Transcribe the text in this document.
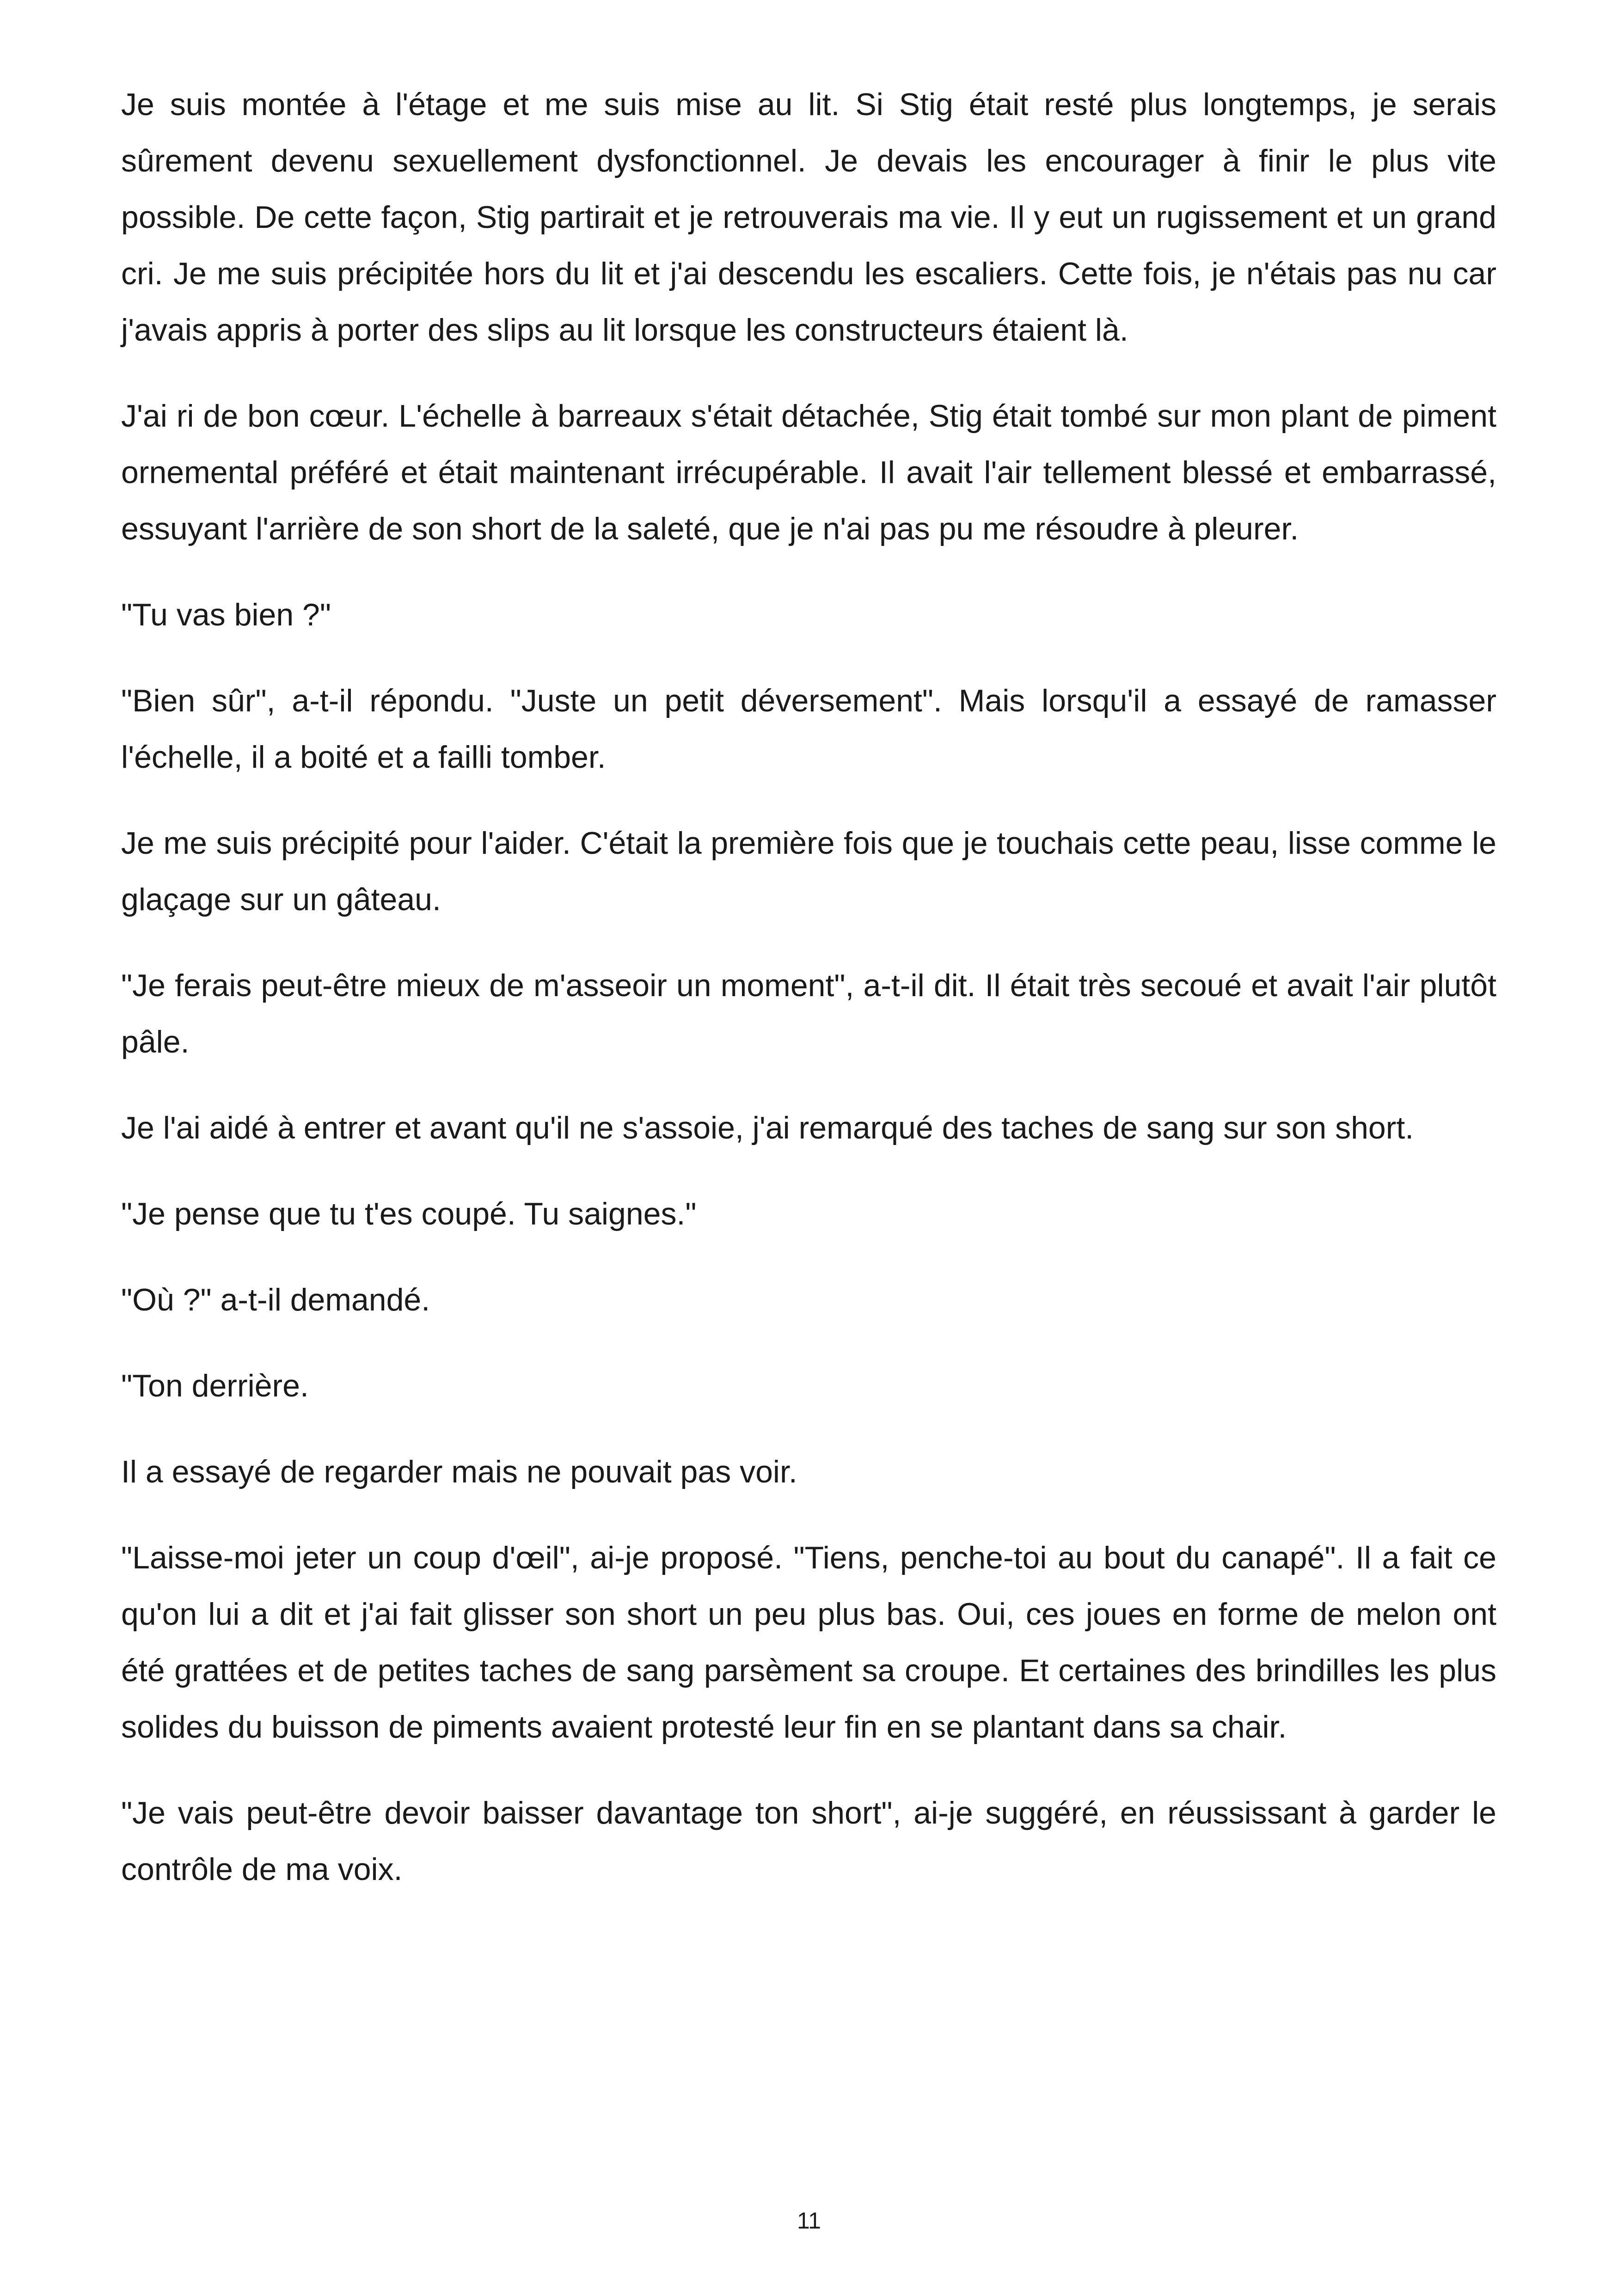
Je suis montée à l'étage et me suis mise au lit. Si Stig était resté plus longtemps, je serais sûrement devenu sexuellement dysfonctionnel. Je devais les encourager à finir le plus vite possible. De cette façon, Stig partirait et je retrouverais ma vie. Il y eut un rugissement et un grand cri. Je me suis précipitée hors du lit et j'ai descendu les escaliers. Cette fois, je n'étais pas nu car j'avais appris à porter des slips au lit lorsque les constructeurs étaient là.

J'ai ri de bon cœur. L'échelle à barreaux s'était détachée, Stig était tombé sur mon plant de piment ornemental préféré et était maintenant irrécupérable. Il avait l'air tellement blessé et embarrassé, essuyant l'arrière de son short de la saleté, que je n'ai pas pu me résoudre à pleurer.

"Tu vas bien ?"

"Bien sûr", a-t-il répondu. "Juste un petit déversement". Mais lorsqu'il a essayé de ramasser l'échelle, il a boité et a failli tomber.

Je me suis précipité pour l'aider. C'était la première fois que je touchais cette peau, lisse comme le glaçage sur un gâteau.

"Je ferais peut-être mieux de m'asseoir un moment", a-t-il dit. Il était très secoué et avait l'air plutôt pâle.

Je l'ai aidé à entrer et avant qu'il ne s'assoie, j'ai remarqué des taches de sang sur son short.

"Je pense que tu t'es coupé. Tu saignes."

"Où ?" a-t-il demandé.

"Ton derrière.

Il a essayé de regarder mais ne pouvait pas voir.

"Laisse-moi jeter un coup d'œil", ai-je proposé. "Tiens, penche-toi au bout du canapé". Il a fait ce qu'on lui a dit et j'ai fait glisser son short un peu plus bas. Oui, ces joues en forme de melon ont été grattées et de petites taches de sang parsèment sa croupe. Et certaines des brindilles les plus solides du buisson de piments avaient protesté leur fin en se plantant dans sa chair.

"Je vais peut-être devoir baisser davantage ton short", ai-je suggéré, en réussissant à garder le contrôle de ma voix.

11
